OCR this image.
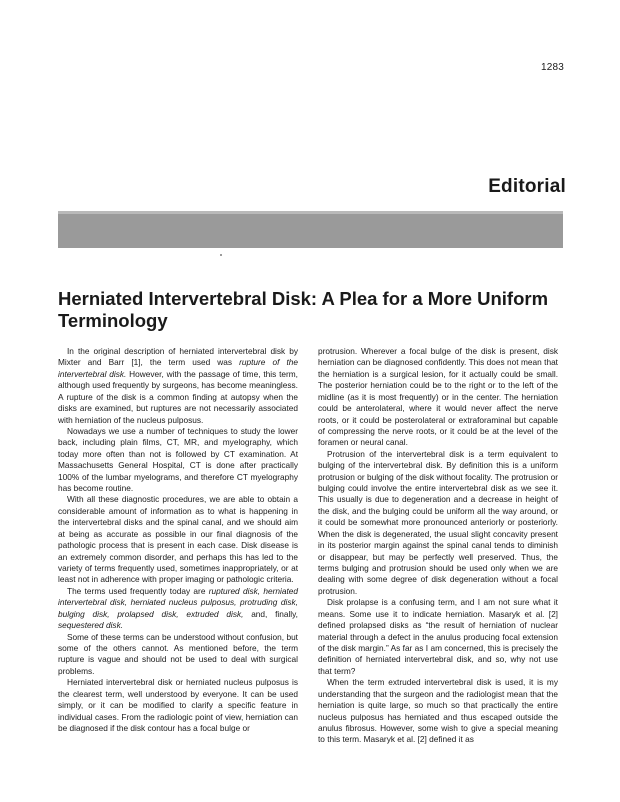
1283
Editorial
Herniated Intervertebral Disk: A Plea for a More Uniform Terminology

In the original description of herniated intervertebral disk by Mixter and Barr [1], the term used was rupture of the intervertebral disk. However, with the passage of time, this term, although used frequently by surgeons, has become meaningless. A rupture of the disk is a common finding at autopsy when the disks are examined, but ruptures are not necessarily associated with herniation of the nucleus pulposus.

Nowadays we use a number of techniques to study the lower back, including plain films, CT, MR, and myelography, which today more often than not is followed by CT examination. At Massachusetts General Hospital, CT is done after practically 100% of the lumbar myelograms, and therefore CT myelography has become routine.

With all these diagnostic procedures, we are able to obtain a considerable amount of information as to what is happening in the intervertebral disks and the spinal canal, and we should aim at being as accurate as possible in our final diagnosis of the pathologic process that is present in each case. Disk disease is an extremely common disorder, and perhaps this has led to the variety of terms frequently used, sometimes inappropriately, or at least not in adherence with proper imaging or pathologic criteria.

The terms used frequently today are ruptured disk, herniated intervertebral disk, herniated nucleus pulposus, protruding disk, bulging disk, prolapsed disk, extruded disk, and, finally, sequestered disk.

Some of these terms can be understood without confusion, but some of the others cannot. As mentioned before, the term rupture is vague and should not be used to deal with surgical problems.

Herniated intervertebral disk or herniated nucleus pulposus is the clearest term, well understood by everyone. It can be used simply, or it can be modified to clarify a specific feature in individual cases. From the radiologic point of view, herniation can be diagnosed if the disk contour has a focal bulge or

protrusion. Wherever a focal bulge of the disk is present, disk herniation can be diagnosed confidently. This does not mean that the herniation is a surgical lesion, for it actually could be small. The posterior herniation could be to the right or to the left of the midline (as it is most frequently) or in the center. The herniation could be anterolateral, where it would never affect the nerve roots, or it could be posterolateral or extraforaminal but capable of compressing the nerve roots, or it could be at the level of the foramen or neural canal.

Protrusion of the intervertebral disk is a term equivalent to bulging of the intervertebral disk. By definition this is a uniform protrusion or bulging of the disk without focality. The protrusion or bulging could involve the entire intervertebral disk as we see it. This usually is due to degeneration and a decrease in height of the disk, and the bulging could be uniform all the way around, or it could be somewhat more pronounced anteriorly or posteriorly. When the disk is degenerated, the usual slight concavity present in its posterior margin against the spinal canal tends to diminish or disappear, but may be perfectly well preserved. Thus, the terms bulging and protrusion should be used only when we are dealing with some degree of disk degeneration without a focal protrusion.

Disk prolapse is a confusing term, and I am not sure what it means. Some use it to indicate herniation. Masaryk et al. [2] defined prolapsed disks as “the result of herniation of nuclear material through a defect in the anulus producing focal extension of the disk margin.” As far as I am concerned, this is precisely the definition of herniated intervertebral disk, and so, why not use that term?

When the term extruded intervertebral disk is used, it is my understanding that the surgeon and the radiologist mean that the herniation is quite large, so much so that practically the entire nucleus pulposus has herniated and thus escaped outside the anulus fibrosus. However, some wish to give a special meaning to this term. Masaryk et al. [2] defined it as
